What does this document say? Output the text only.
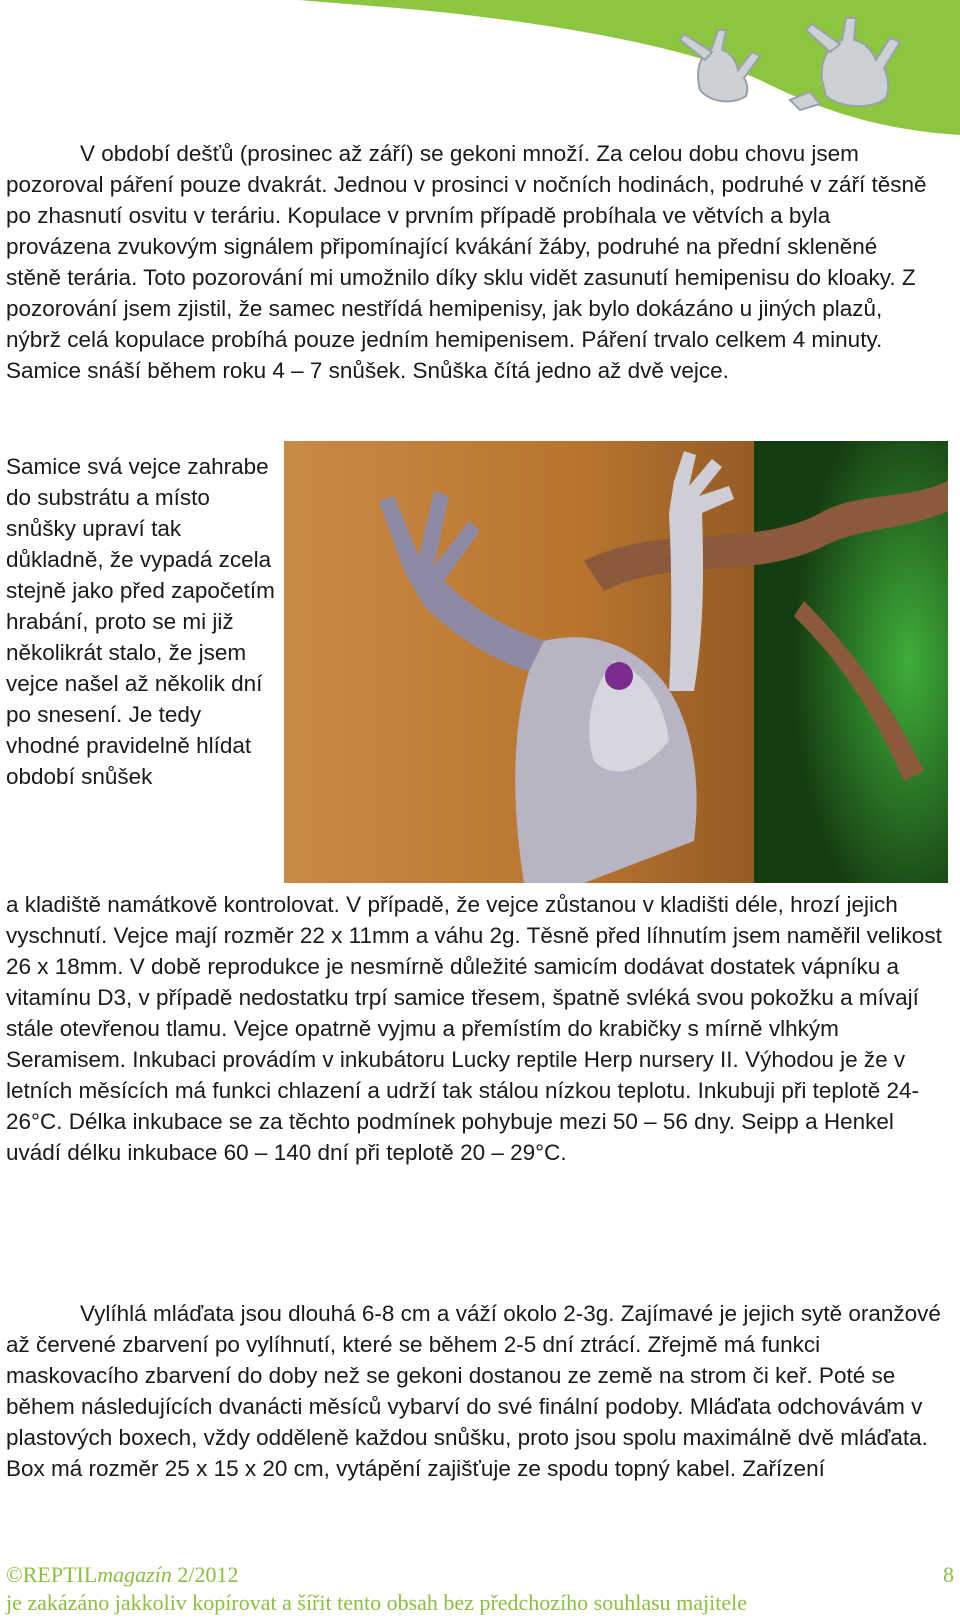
V období dešťů (prosinec až září) se gekoni množí. Za celou dobu chovu jsem pozoroval páření pouze dvakrát. Jednou v prosinci v nočních hodinách, podruhé v září těsně po zhasnutí osvitu v teráriu. Kopulace v prvním případě probíhala ve větvích a byla provázena zvukovým signálem připomínající kvákání žáby, podruhé na přední skleněné stěně terária. Toto pozorování mi umožnilo díky sklu vidět zasunutí hemipenisu do kloaky. Z pozorování jsem zjistil, že samec nestřídá hemipenisy, jak bylo dokázáno u jiných plazů, nýbrž celá kopulace probíhá pouze jedním hemipenisem. Páření trvalo celkem 4 minuty. Samice snáší během roku 4 – 7 snůšek. Snůška čítá jedno až dvě vejce.

Samice svá vejce zahrabe do substrátu a místo snůšky upraví tak důkladně, že vypadá zcela stejně jako před započetím hrabání, proto se mi již několikrát stalo, že jsem vejce našel až několik dní po snesení. Je tedy vhodné pravidelně hlídat období snůšek

a kladiště namátkově kontrolovat. V případě, že vejce zůstanou v kladišti déle, hrozí jejich vyschnutí. Vejce mají rozměr 22 x 11mm a váhu 2g. Těsně před líhnutím jsem naměřil velikost 26 x 18mm. V době reprodukce je nesmírně důležité samicím dodávat dostatek vápníku a vitamínu D3, v případě nedostatku trpí samice třesem, špatně svléká svou pokožku a mívají stále otevřenou tlamu. Vejce opatrně vyjmu a přemístím do krabičky s mírně vlhkým Seramisem. Inkubaci provádím v inkubátoru Lucky reptile Herp nursery II. Výhodou je že v letních měsících má funkci chlazení a udrží tak stálou nízkou teplotu. Inkubuji při teplotě 24-26°C. Délka inkubace se za těchto podmínek pohybuje mezi 50 – 56 dny. Seipp a Henkel uvádí délku inkubace 60 – 140 dní při teplotě 20 – 29°C.

Vylíhlá mláďata jsou dlouhá 6-8 cm a váží okolo 2-3g. Zajímavé je jejich sytě oranžové až červené zbarvení po vylíhnutí, které se během 2-5 dní ztrácí. Zřejmě má funkci maskovacího zbarvení do doby než se gekoni dostanou ze země na strom či keř. Poté se během následujících dvanácti měsíců vybarví do své finální podoby. Mláďata odchovávám v plastových boxech, vždy odděleně každou snůšku, proto jsou spolu maximálně dvě mláďata. Box má rozměr 25 x 15 x 20 cm, vytápění zajišťuje ze spodu topný kabel. Zařízení

©REPTILmagazín 2/2012	8
je zakázáno jakkoliv kopírovat a šířit tento obsah bez předchozího souhlasu majitele
